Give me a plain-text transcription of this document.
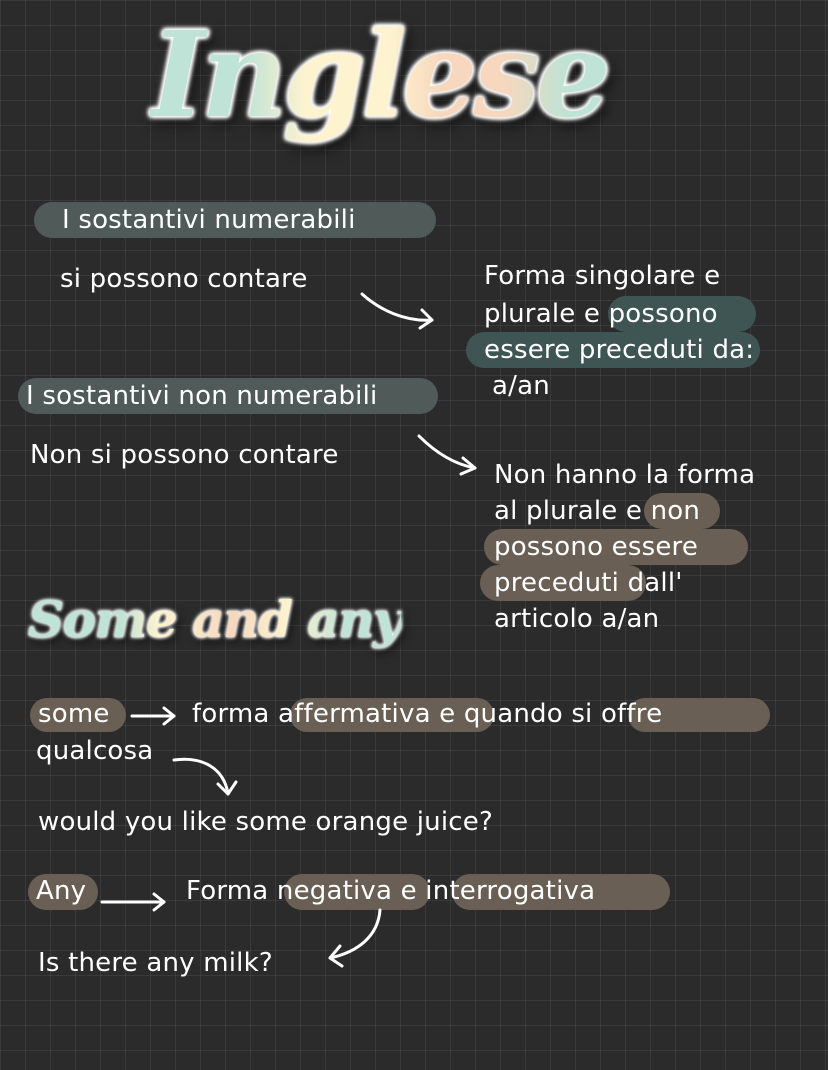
Inglese
I sostantivi numerabili
si possono contare	Forma singolare e
plurale e possono
essere preceduti da:
a/an
I sostantivi non numerabili
Non si possono contare
Non hanno la forma
al plurale e non
possono essere
preceduti dall'
articolo a/an
Some and any
some	forma affermativa e quando si offre
qualcosa
would you like some orange juice?
Any	Forma negativa e interrogativa
Is there any milk?
